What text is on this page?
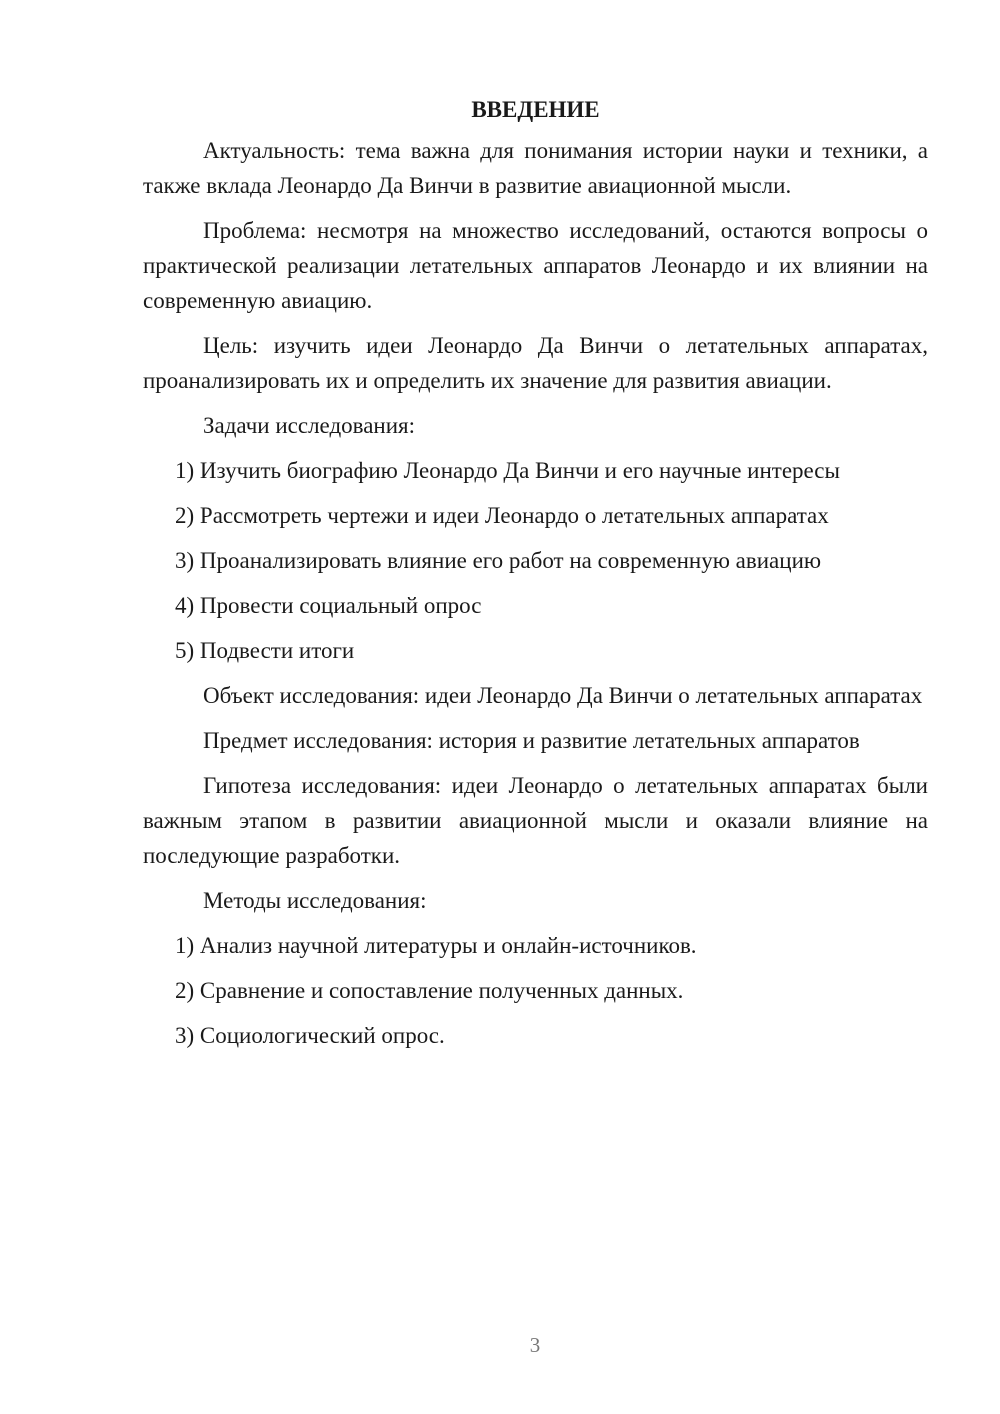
ВВЕДЕНИЕ

Актуальность: тема важна для понимания истории науки и техники, а также вклада Леонардо Да Винчи в развитие авиационной мысли.

Проблема: несмотря на множество исследований, остаются вопросы о практической реализации летательных аппаратов Леонардо и их влиянии на современную авиацию.

Цель: изучить идеи Леонардо Да Винчи о летательных аппаратах, проанализировать их и определить их значение для развития авиации.

Задачи исследования:

1) Изучить биографию Леонардо Да Винчи и его научные интересы
2) Рассмотреть чертежи и идеи Леонардо о летательных аппаратах
3) Проанализировать влияние его работ на современную авиацию
4) Провести социальный опрос
5) Подвести итоги

Объект исследования: идеи Леонардо Да Винчи о летательных аппаратах

Предмет исследования: история и развитие летательных аппаратов

Гипотеза исследования: идеи Леонардо о летательных аппаратах были важным этапом в развитии авиационной мысли и оказали влияние на последующие разработки.

Методы исследования:

1) Анализ научной литературы и онлайн-источников.
2) Сравнение и сопоставление полученных данных.
3) Социологический опрос.
3
